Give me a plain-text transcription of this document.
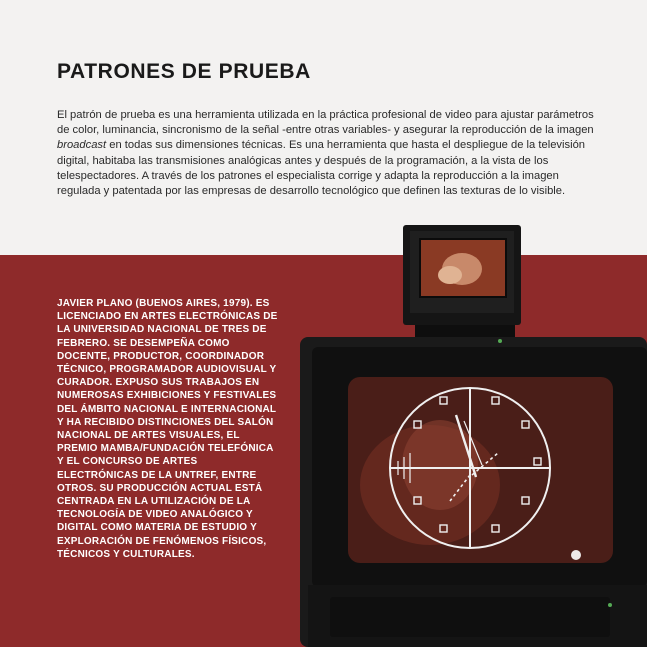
PATRONES DE PRUEBA

El patrón de prueba es una herramienta utilizada en la práctica profesional de video para ajustar parámetros de color, luminancia, sincronismo de la señal -entre otras variables- y asegurar la reproducción de la imagen broadcast en todas sus dimensiones técnicas. Es una herramienta que hasta el despliegue de la televisión digital, habitaba las transmisiones analógicas antes y después de la programación, a la vista de los telespectadores. A través de los patrones el especialista corrige y adapta la reproducción a la imagen regulada y patentada por las empresas de desarrollo tecnológico que definen las texturas de lo visible.

JAVIER PLANO (BUENOS AIRES, 1979). ES LICENCIADO EN ARTES ELECTRÓNICAS DE LA UNIVERSIDAD NACIONAL DE TRES DE FEBRERO. SE DESEMPEÑA COMO DOCENTE, PRODUCTOR, COORDINADOR TÉCNICO, PROGRAMADOR AUDIOVISUAL Y CURADOR. EXPUSO SUS TRABAJOS EN NUMEROSAS EXHIBICIONES Y FESTIVALES DEL ÁMBITO NACIONAL E INTERNACIONAL Y HA RECIBIDO DISTINCIONES DEL SALÓN NACIONAL DE ARTES VISUALES, EL PREMIO MAMBA/FUNDACIÓN TELEFÓNICA Y EL CONCURSO DE ARTES ELECTRÓNICAS DE LA UNTREF, ENTRE OTROS. SU PRODUCCIÓN ACTUAL ESTÁ CENTRADA EN LA UTILIZACIÓN DE LA TECNOLOGÍA DE VIDEO ANALÓGICO Y DIGITAL COMO MATERIA DE ESTUDIO Y EXPLORACIÓN DE FENÓMENOS FÍSICOS, TÉCNICOS Y CULTURALES.
